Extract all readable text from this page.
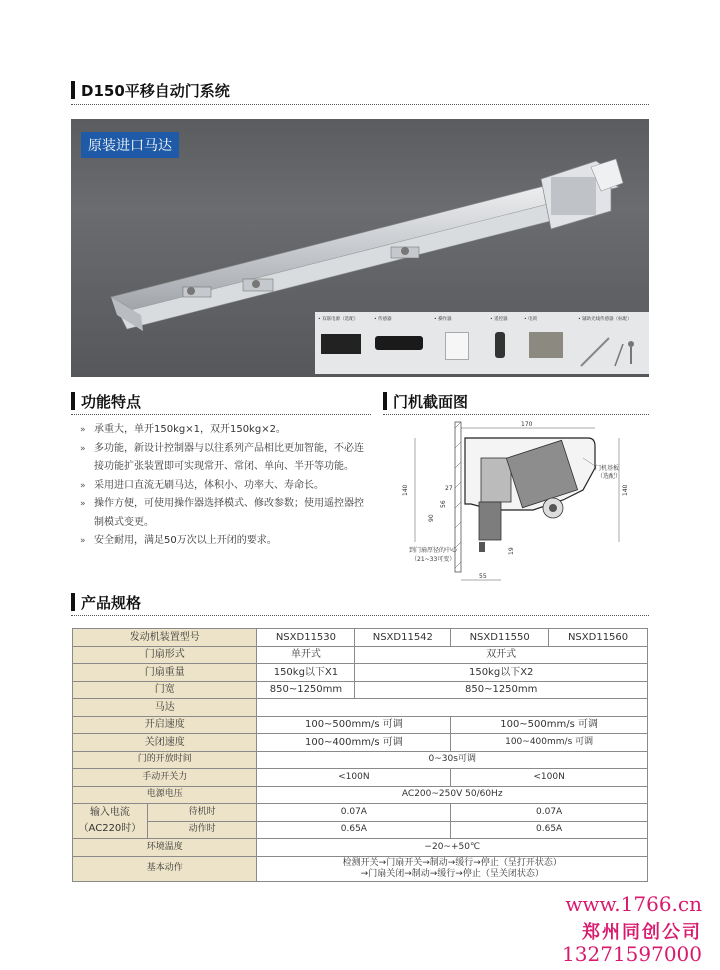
D150平移自动门系统
原装进口马达
• 双联电源（选配）	• 传感器	• 操作器	• 遥控器	• 电锁	• 辅助光线传感器（标配）
功能特点
» 承重大，单开150kg×1，双开150kg×2。
» 多功能，新设计控制器与以往系列产品相比更加智能，不必连接功能扩张装置即可实现常开、常闭、单向、半开等功能。
» 采用进口直流无刷马达，体积小、功率大、寿命长。
» 操作方便，可使用操作器选择模式、修改参数；使用遥控器控制模式变更。
» 安全耐用，满足50万次以上开闭的要求。
门机截面图
170
140	140
27
56
90
19
55
门机基板
（选配）
到门扇厚径的中心
（21~33可变）
产品规格
发动机装置型号		NSXD11530	NSXD11542	NSXD11550	NSXD11560
门扇形式		单开式	双开式		
门扇重量		150kg以下X1	150kg以下X2		
门宽		850~1250mm	850~1250mm		
马达					
开启速度		100~500mm/s 可调		100~500mm/s 可调	
关闭速度		100~400mm/s 可调		100~400mm/s 可调	
门的开放时间		0~30s可调			
手动开关力		<100N		<100N	
电源电压		AC200~250V 50/60Hz			

输入电流
（AC220时）	待机时	0.07A		0.07A	
	动作时	0.65A		0.65A	
环境温度		−20~+50℃			
基本动作		检测开关→门扇开关→制动→缓行→停止（呈打开状态）
→门扇关闭→制动→缓行→停止（呈关闭状态）			
www.1766.cn
郑州同创公司
13271597000
